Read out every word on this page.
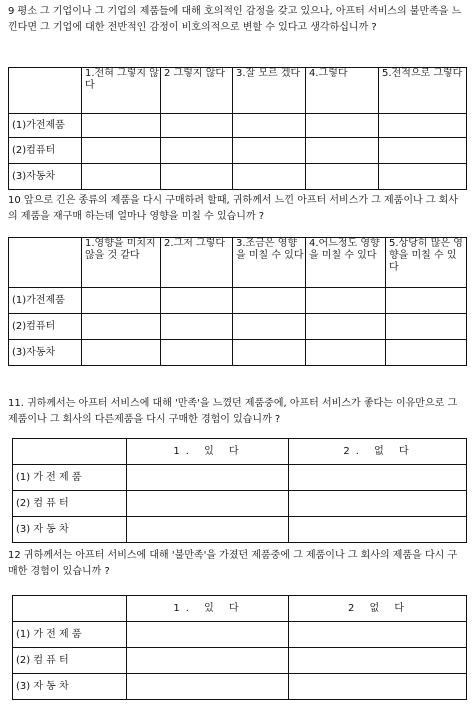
9 평소 그 기업이나 그 기업의 제품들에 대해 호의적인 감정을 갖고 있으나, 아프터 서비스의 불만족을 느낀다면 그 기업에 대한 전반적인 감정이 비호의적으로 변할 수 있다고 생각하십니까 ?

	1.전혀 그렇지 않다	2 그렇지 않다	3.잘 모르 겠다	4.그렇다	5.전적으로 그렇다

(1)가전제품					
(2)컴퓨터					
(3)자동차					

10 앞으로 긴은 종류의 제품을 다시 구매하려 할때, 귀하께서 느낀 아프터 서비스가 그 제품이나 그 회사의 제품을 재구매 하는데 얼마나 영향을 미칠 수 있습니까 ?

	1.영향을 미치지 않을 것 같다	2.그저 그렇다	3.조금은 영향을 미칠 수 있다	4.어느정도 영향을 미칠 수 있다	5.상당히 많은 영향을 미칠 수 있다

(1)가전제품					
(2)컴퓨터					
(3)자동차					

11. 귀하께서는 아프터 서비스에 대해 '만족'을 느꼈던 제품중에, 아프터 서비스가 좋다는 이유만으로 그 제품이나 그 회사의 다른제품을 다시 구매한 경험이 있습니까 ?

	1. 있 다	2. 없 다
(1) 가 전 제 품		
(2) 컴 퓨 터		
(3) 자 동 차		

12 귀하께서는 아프터 서비스에 대해 '불만족'을 가졌던 제품중에 그 제품이나 그 회사의 제품을 다시 구매한 경험이 있습니까 ?

	1. 있 다	2 없 다
(1) 가 전 제 품		
(2) 컴 퓨 터		
(3) 자 동 차		
